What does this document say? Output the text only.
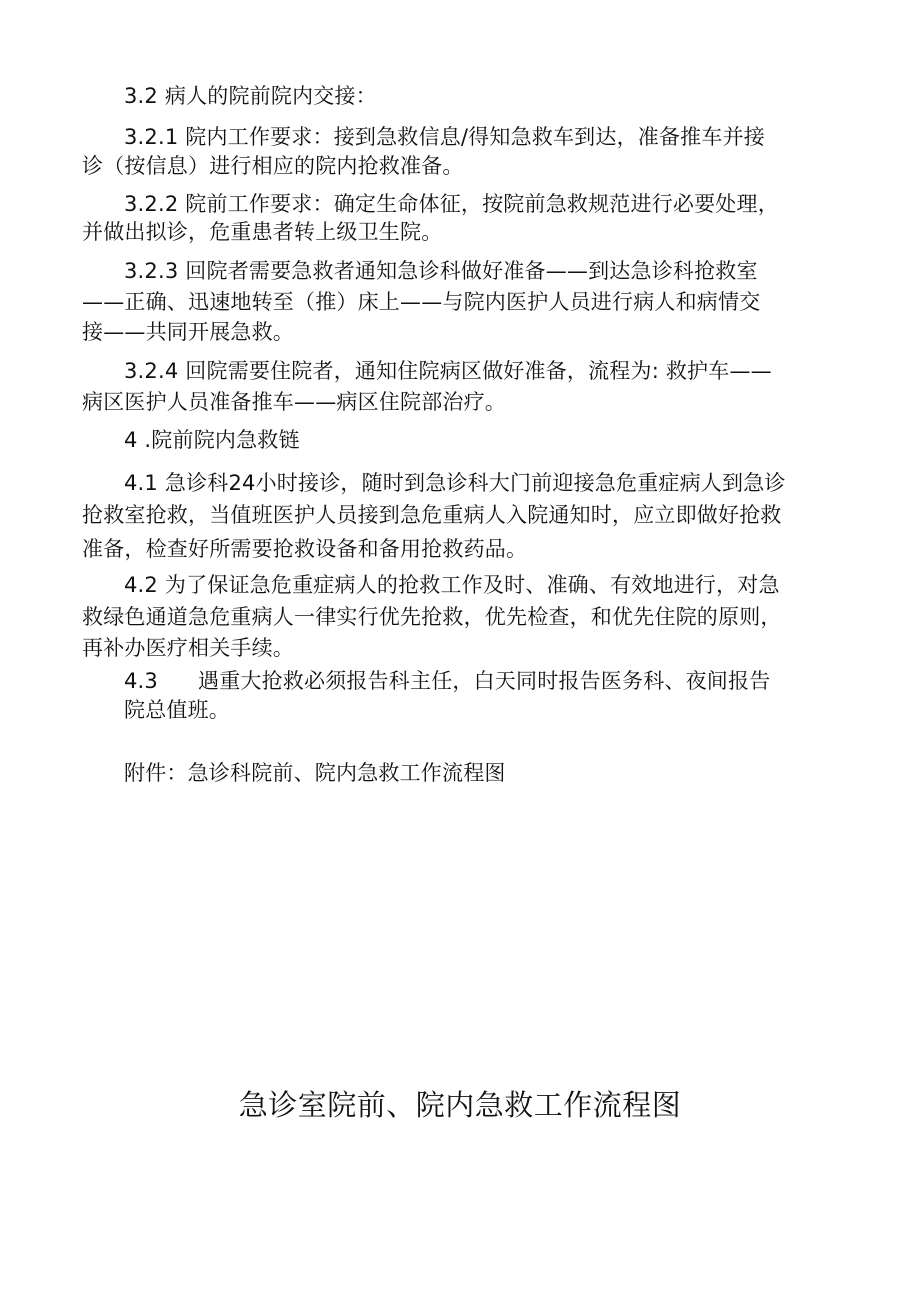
3.2 病人的院前院内交接：
3.2.1 院内工作要求：接到急救信息/得知急救车到达，准备推车并接
诊（按信息）进行相应的院内抢救准备。
3.2.2 院前工作要求：确定生命体征，按院前急救规范进行必要处理，
并做出拟诊，危重患者转上级卫生院。
3.2.3 回院者需要急救者通知急诊科做好准备——到达急诊科抢救室
——正确、迅速地转至（推）床上——与院内医护人员进行病人和病情交
接——共同开展急救。
3.2.4 回院需要住院者，通知住院病区做好准备，流程为: 救护车——
病区医护人员准备推车——病区住院部治疗。
4 .院前院内急救链
4.1 急诊科24小时接诊，随时到急诊科大门前迎接急危重症病人到急诊
抢救室抢救，当值班医护人员接到急危重病人入院通知时，应立即做好抢救
准备，检查好所需要抢救设备和备用抢救药品。
4.2 为了保证急危重症病人的抢救工作及时、准确、有效地进行，对急
救绿色通道急危重病人一律实行优先抢救，优先检查，和优先住院的原则，
再补办医疗相关手续。
4.3 遇重大抢救必须报告科主任，白天同时报告医务科、夜间报告
院总值班。
附件：急诊科院前、院内急救工作流程图
急诊室院前、院内急救工作流程图
